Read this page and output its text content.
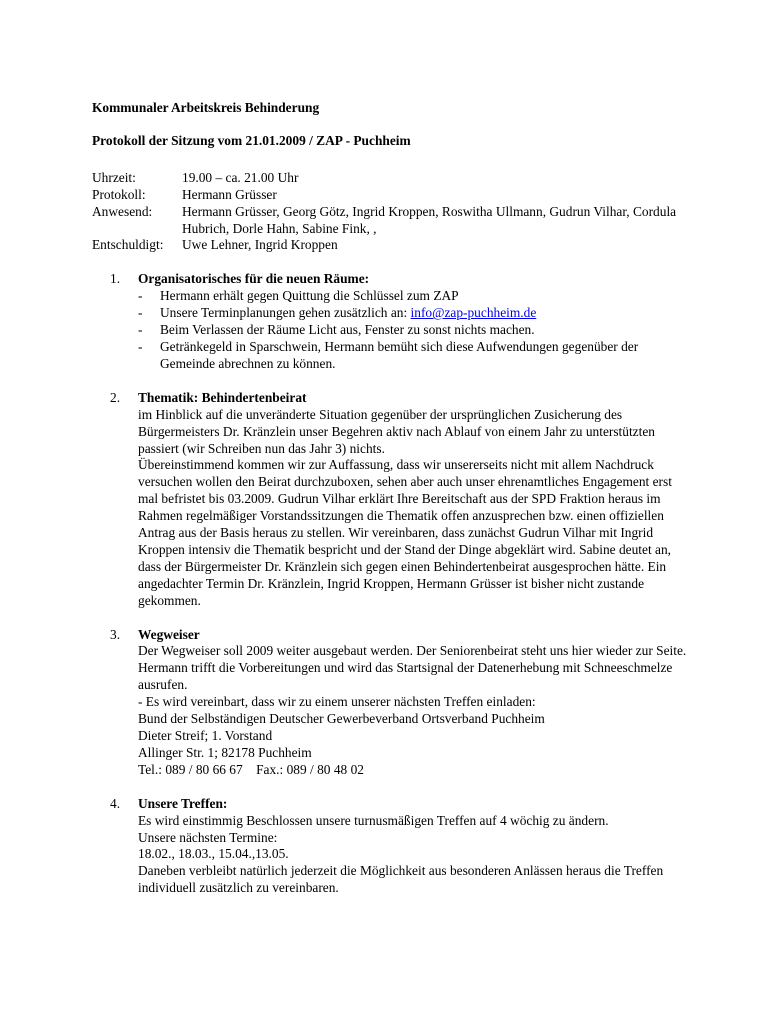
Kommunaler Arbeitskreis Behinderung
Protokoll der Sitzung vom 21.01.2009 / ZAP - Puchheim
Uhrzeit:	19.00 – ca. 21.00 Uhr
Protokoll:	Hermann Grüsser
Anwesend:	Hermann Grüsser, Georg Götz, Ingrid Kroppen, Roswitha Ullmann, Gudrun Vilhar, Cordula Hubrich, Dorle Hahn, Sabine Fink, ,
Entschuldigt:	Uwe Lehner, Ingrid Kroppen
1.	Organisatorisches für die neuen Räume:
-	Hermann erhält gegen Quittung die Schlüssel zum ZAP
-	Unsere Terminplanungen gehen zusätzlich an: info@zap-puchheim.de
-	Beim Verlassen der Räume Licht aus, Fenster zu sonst nichts machen.
-	Getränkegeld in Sparschwein, Hermann bemüht sich diese Aufwendungen gegenüber der Gemeinde abrechnen zu können.
2.	Thematik: Behindertenbeirat

im Hinblick auf die unveränderte Situation gegenüber der ursprünglichen Zusicherung des Bürgermeisters Dr. Kränzlein unser Begehren aktiv nach Ablauf von einem Jahr zu unterstützten passiert (wir Schreiben nun das Jahr 3) nichts.

Übereinstimmend kommen wir zur Auffassung, dass wir unsererseits nicht mit allem Nachdruck versuchen wollen den Beirat durchzuboxen, sehen aber auch unser ehrenamtliches Engagement erst mal befristet bis 03.2009. Gudrun Vilhar erklärt Ihre Bereitschaft aus der SPD Fraktion heraus im Rahmen regelmäßiger Vorstandssitzungen die Thematik offen anzusprechen bzw. einen offiziellen Antrag aus der Basis heraus zu stellen. Wir vereinbaren, dass zunächst Gudrun Vilhar mit Ingrid Kroppen intensiv die Thematik bespricht und der Stand der Dinge abgeklärt wird. Sabine deutet an, dass der Bürgermeister Dr. Kränzlein sich gegen einen Behindertenbeirat ausgesprochen hätte. Ein angedachter Termin Dr. Kränzlein, Ingrid Kroppen, Hermann Grüsser ist bisher nicht zustande gekommen.

3.	Wegweiser

Der Wegweiser soll 2009 weiter ausgebaut werden. Der Seniorenbeirat steht uns hier wieder zur Seite. Hermann trifft die Vorbereitungen und wird das Startsignal der Datenerhebung mit Schneeschmelze ausrufen.

- Es wird vereinbart, dass wir zu einem unserer nächsten Treffen einladen:
Bund der Selbständigen Deutscher Gewerbeverband Ortsverband Puchheim
Dieter Streif; 1. Vorstand
Allinger Str. 1; 82178 Puchheim
Tel.: 089 / 80 66 67    Fax.: 089 / 80 48 02
4.	Unsere Treffen:

Es wird einstimmig Beschlossen unsere turnusmäßigen Treffen auf 4 wöchig zu ändern.

Unsere nächsten Termine:
18.02., 18.03., 15.04.,13.05.

Daneben verbleibt natürlich jederzeit die Möglichkeit aus besonderen Anlässen heraus die Treffen individuell zusätzlich zu vereinbaren.
